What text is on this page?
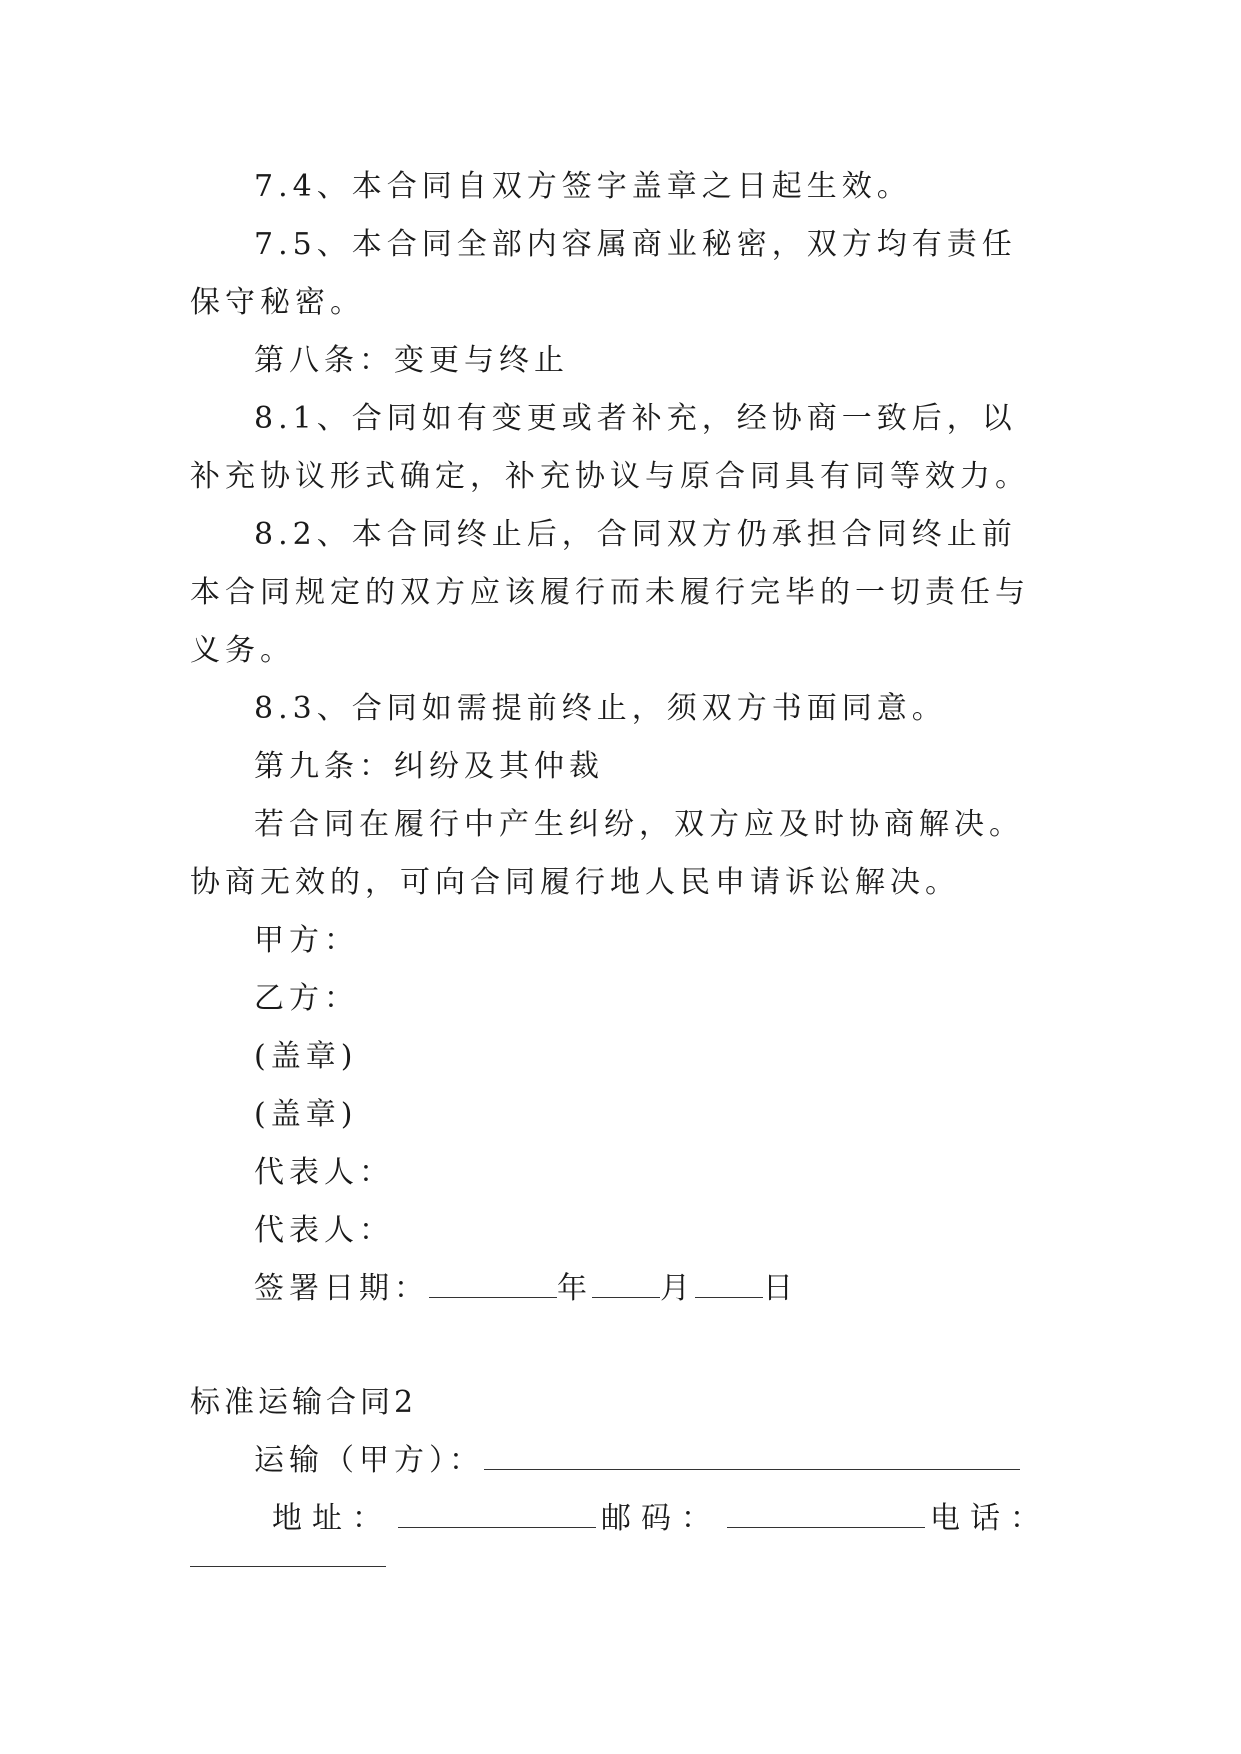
7.4、本合同自双方签字盖章之日起生效。

7.5、本合同全部内容属商业秘密，双方均有责任保守秘密。

第八条：变更与终止

8.1、合同如有变更或者补充，经协商一致后，以补充协议形式确定，补充协议与原合同具有同等效力。

8.2、本合同终止后，合同双方仍承担合同终止前本合同规定的双方应该履行而未履行完毕的一切责任与义务。

8.3、合同如需提前终止，须双方书面同意。

第九条：纠纷及其仲裁

若合同在履行中产生纠纷，双方应及时协商解决。协商无效的，可向合同履行地人民申请诉讼解决。

甲方：

乙方：

(盖章)

(盖章)

代表人：

代表人：

签署日期：	年 月 日

标准运输合同2

运输（甲方）：

地址：	邮码：	电话：
